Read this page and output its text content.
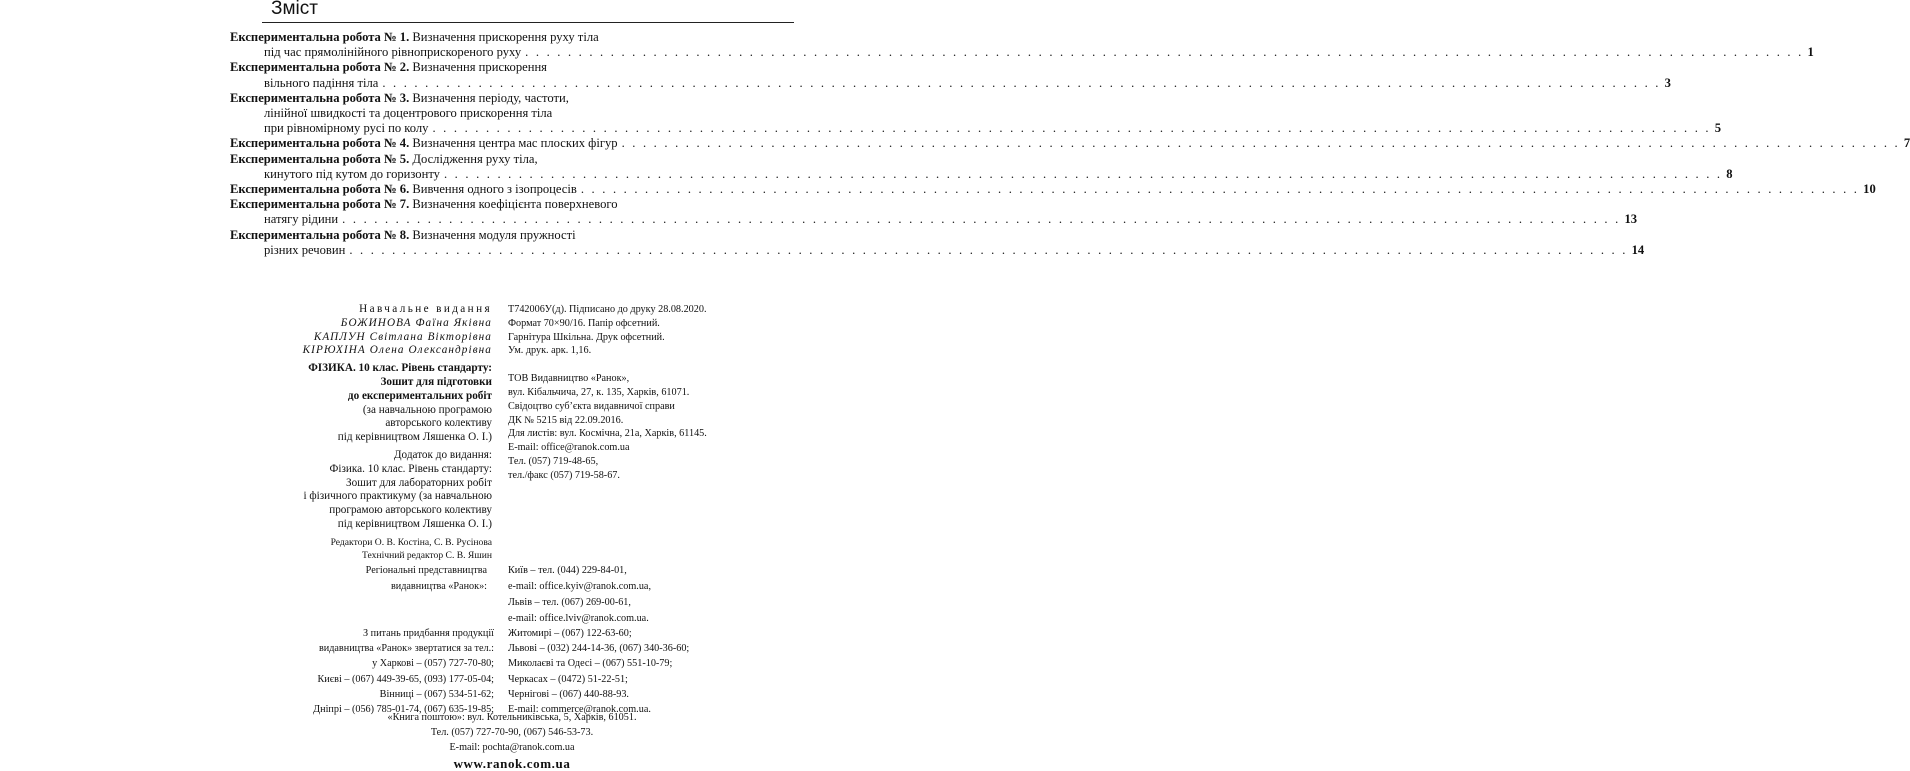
Зміст
Експериментальна робота № 1. Визначення прискорення руху тіла
під час прямолінійного рівноприскореного руху . . . . . . . . . . . . . . . . . . . . . . . . . . . . . . . . . . . . . . . . . . . . . . . . . . . . . . . . . . . . . . . . . . . . . . . . . . . . . . . . . . . . . . . . . . . . . . . . . . . . . . . . . . . . . . . . . . . . . . . . 1
Експериментальна робота № 2. Визначення прискорення
вільного падіння тіла . . . . . . . . . . . . . . . . . . . . . . . . . . . . . . . . . . . . . . . . . . . . . . . . . . . . . . . . . . . . . . . . . . . . . . . . . . . . . . . . . . . . . . . . . . . . . . . . . . . . . . . . . . . . . . . . . . . . . . . . 3
Експериментальна робота № 3. Визначення періоду, частоти,
лінійної швидкості та доцентрового прискорення тіла
при рівномірному русі по колу . . . . . . . . . . . . . . . . . . . . . . . . . . . . . . . . . . . . . . . . . . . . . . . . . . . . . . . . . . . . . . . . . . . . . . . . . . . . . . . . . . . . . . . . . . . . . . . . . . . . . . . . . . . . . . . . . . . . . . . . 5
Експериментальна робота № 4. Визначення центра мас плоских фігур . . . . . . . . . . . . . . . . . . . . . . . . . . . . . . . . . . . . . . . . . . . . . . . . . . . . . . . . . . . . . . . . . . . . . . . . . . . . . . . . . . . . . . . . . . . . . . . . . . . . . . . . . . . . . . . . . . . . . . . . 7
Експериментальна робота № 5. Дослідження руху тіла,
кинутого під кутом до горизонту . . . . . . . . . . . . . . . . . . . . . . . . . . . . . . . . . . . . . . . . . . . . . . . . . . . . . . . . . . . . . . . . . . . . . . . . . . . . . . . . . . . . . . . . . . . . . . . . . . . . . . . . . . . . . . . . . . . . . . . . 8
Експериментальна робота № 6. Вивчення одного з ізопроцесів . . . . . . . . . . . . . . . . . . . . . . . . . . . . . . . . . . . . . . . . . . . . . . . . . . . . . . . . . . . . . . . . . . . . . . . . . . . . . . . . . . . . . . . . . . . . . . . . . . . . . . . . . . . . . . . . . . . . . . . . 10
Експериментальна робота № 7. Визначення коефіцієнта поверхневого
натягу рідини . . . . . . . . . . . . . . . . . . . . . . . . . . . . . . . . . . . . . . . . . . . . . . . . . . . . . . . . . . . . . . . . . . . . . . . . . . . . . . . . . . . . . . . . . . . . . . . . . . . . . . . . . . . . . . . . . . . . . . . . 13
Експериментальна робота № 8. Визначення модуля пружності
різних речовин . . . . . . . . . . . . . . . . . . . . . . . . . . . . . . . . . . . . . . . . . . . . . . . . . . . . . . . . . . . . . . . . . . . . . . . . . . . . . . . . . . . . . . . . . . . . . . . . . . . . . . . . . . . . . . . . . . . . . . . . 14
Навчальне видання
БОЖИНОВА Фаїна Яківна
КАПЛУН Світлана Вікторівна
КІРЮХІНА Олена Олександрівна
ФІЗИКА. 10 клас. Рівень стандарту:
Зошит для підготовки
до експериментальних робіт
(за навчальною програмою
авторського колективу
під керівництвом Ляшенка О. І.)
Додаток до видання:
Фізика. 10 клас. Рівень стандарту:
Зошит для лабораторних робіт
і фізичного практикуму (за навчальною
програмою авторського колективу
під керівництвом Ляшенка О. І.)
Редактори О. В. Костіна, С. В. Русінова
Технічний редактор С. В. Яшин
Т742006У(д). Підписано до друку 28.08.2020.
Формат 70×90/16. Папір офсетний.
Гарнітура Шкільна. Друк офсетний.
Ум. друк. арк. 1,16.
ТОВ Видавництво «Ранок»,
вул. Кібальчича, 27, к. 135, Харків, 61071.
Свідоцтво суб’єкта видавничої справи
ДК № 5215 від 22.09.2016.
Для листів: вул. Космічна, 21а, Харків, 61145.
E-mail: office@ranok.com.ua
Тел. (057) 719-48-65,
тел./факс (057) 719-58-67.
Регіональні представництва
видавництва «Ранок»:
Київ – тел. (044) 229-84-01,
e-mail: office.kyiv@ranok.com.ua,
Львів – тел. (067) 269-00-61,
e-mail: office.lviv@ranok.com.ua.
З питань придбання продукції
видавництва «Ранок» звертатися за тел.:
у Харкові – (057) 727-70-80;
Києві – (067) 449-39-65, (093) 177-05-04;
Вінниці – (067) 534-51-62;
Дніпрі – (056) 785-01-74, (067) 635-19-85;
Житомирі – (067) 122-63-60;
Львові – (032) 244-14-36, (067) 340-36-60;
Миколаєві та Одесі – (067) 551-10-79;
Черкасах – (0472) 51-22-51;
Чернігові – (067) 440-88-93.
E-mail: commerce@ranok.com.ua.
«Книга поштою»: вул. Котельниківська, 5, Харків, 61051.
Тел. (057) 727-70-90, (067) 546-53-73.
E-mail: pochta@ranok.com.ua
www.ranok.com.ua
